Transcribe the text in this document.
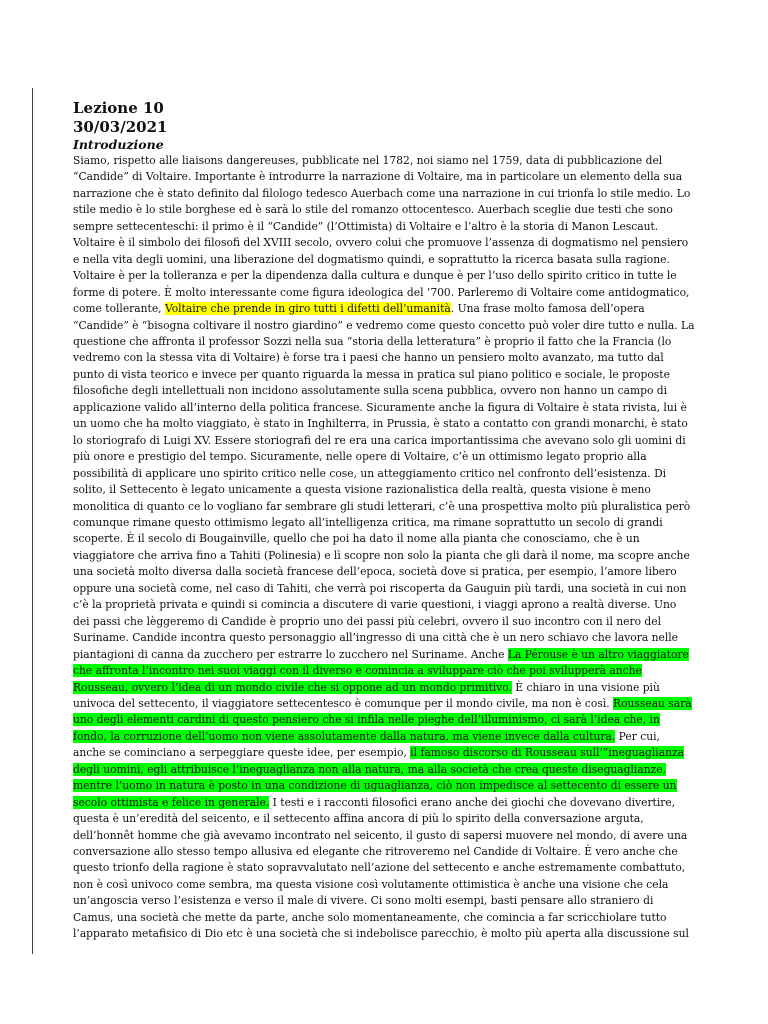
Lezione 10
30/03/2021
Introduzione

Siamo, rispetto alle liaisons dangereuses, pubblicate nel 1782, noi siamo nel 1759, data di pubblicazione del
“Candide” di Voltaire. Importante è introdurre la narrazione di Voltaire, ma in particolare un elemento della sua
narrazione che è stato definito dal filologo tedesco Auerbach come una narrazione in cui trionfa lo stile medio. Lo
stile medio è lo stile borghese ed è sarà lo stile del romanzo ottocentesco. Auerbach sceglie due testi che sono
sempre settecenteschi: il primo è il “Candide” (l’Ottimista) di Voltaire e l’altro è la storia di Manon Lescaut.
Voltaire è il simbolo dei filosofi del XVIII secolo, ovvero colui che promuove l’assenza di dogmatismo nel pensiero
e nella vita degli uomini, una liberazione del dogmatismo quindi, e soprattutto la ricerca basata sulla ragione.
Voltaire è per la tolleranza e per la dipendenza dalla cultura e dunque è per l’uso dello spirito critico in tutte le
forme di potere. È molto interessante come figura ideologica del ’700. Parleremo di Voltaire come antidogmatico,
come tollerante, Voltaire che prende in giro tutti i difetti dell’umanità. Una frase molto famosa dell’opera
“Candide” è “bisogna coltivare il nostro giardino” e vedremo come questo concetto può voler dire tutto e nulla. La
questione che affronta il professor Sozzi nella sua “storia della letteratura” è proprio il fatto che la Francia (lo
vedremo con la stessa vita di Voltaire) è forse tra i paesi che hanno un pensiero molto avanzato, ma tutto dal
punto di vista teorico e invece per quanto riguarda la messa in pratica sul piano politico e sociale, le proposte
filosofiche degli intellettuali non incidono assolutamente sulla scena pubblica, ovvero non hanno un campo di
applicazione valido all’interno della politica francese. Sicuramente anche la figura di Voltaire è stata rivista, lui è
un uomo che ha molto viaggiato, è stato in Inghilterra, in Prussia, è stato a contatto con grandi monarchi, è stato
lo storiografo di Luigi XV. Essere storiografi del re era una carica importantissima che avevano solo gli uomini di
più onore e prestigio del tempo. Sicuramente, nelle opere di Voltaire, c’è un ottimismo legato proprio alla
possibilità di applicare uno spirito critico nelle cose, un atteggiamento critico nel confronto dell’esistenza. Di
solito, il Settecento è legato unicamente a questa visione razionalistica della realtà, questa visione è meno
monolitica di quanto ce lo vogliano far sembrare gli studi letterari, c’è una prospettiva molto più pluralistica però
comunque rimane questo ottimismo legato all’intelligenza critica, ma rimane soprattutto un secolo di grandi
scoperte. È il secolo di Bougainville, quello che poi ha dato il nome alla pianta che conosciamo, che è un
viaggiatore che arriva fino a Tahiti (Polinesia) e lì scopre non solo la pianta che gli darà il nome, ma scopre anche
una società molto diversa dalla società francese dell’epoca, società dove si pratica, per esempio, l’amore libero
oppure una società come, nel caso di Tahiti, che verrà poi riscoperta da Gauguin più tardi, una società in cui non
c’è la proprietà privata e quindi si comincia a discutere di varie questioni, i viaggi aprono a realtà diverse. Uno
dei passi che lèggeremo di Candide è proprio uno dei passi più celebri, ovvero il suo incontro con il nero del
Suriname. Candide incontra questo personaggio all’ingresso di una città che è un nero schiavo che lavora nelle
piantagioni di canna da zucchero per estrarre lo zucchero nel Suriname. Anche La Pérouse è un altro viaggiatore
che affronta l’incontro nei suoi viaggi con il diverso e comincia a sviluppare ciò che poi svilupperà anche
Rousseau, ovvero l’idea di un mondo civile che si oppone ad un mondo primitivo. È chiaro in una visione più
univoca del settecento, il viaggiatore settecentesco è comunque per il mondo civile, ma non è così. Rousseau sarà
uno degli elementi cardini di questo pensiero che si infila nelle pieghe dell’illuminismo, ci sarà l’idea che, in
fondo, la corruzione dell’uomo non viene assolutamente dalla natura, ma viene invece dalla cultura. Per cui,
anche se cominciano a serpeggiare queste idee, per esempio, il famoso discorso di Rousseau sull’”ineguaglianza
degli uomini, egli attribuisce l’ineguaglianza non alla natura, ma alla società che crea queste diseguaglianze,
mentre l’uomo in natura è posto in una condizione di uguaglianza, ciò non impedisce al settecento di essere un
secolo ottimista e felice in generale. I testi e i racconti filosofici erano anche dei giochi che dovevano divertire,
questa è un’eredità del seicento, e il settecento affina ancora di più lo spirito della conversazione arguta,
dell’honnêt homme che già avevamo incontrato nel seicento, il gusto di sapersi muovere nel mondo, di avere una
conversazione allo stesso tempo allusiva ed elegante che ritroveremo nel Candide di Voltaire. È vero anche che
questo trionfo della ragione è stato sopravvalutato nell’azione del settecento e anche estremamente combattuto,
non è così univoco come sembra, ma questa visione così volutamente ottimistica è anche una visione che cela
un’angoscia verso l’esistenza e verso il male di vivere. Ci sono molti esempi, basti pensare allo straniero di
Camus, una società che mette da parte, anche solo momentaneamente, che comincia a far scricchiolare tutto
l’apparato metafisico di Dio etc è una società che si indebolisce parecchio, è molto più aperta alla discussione sul
